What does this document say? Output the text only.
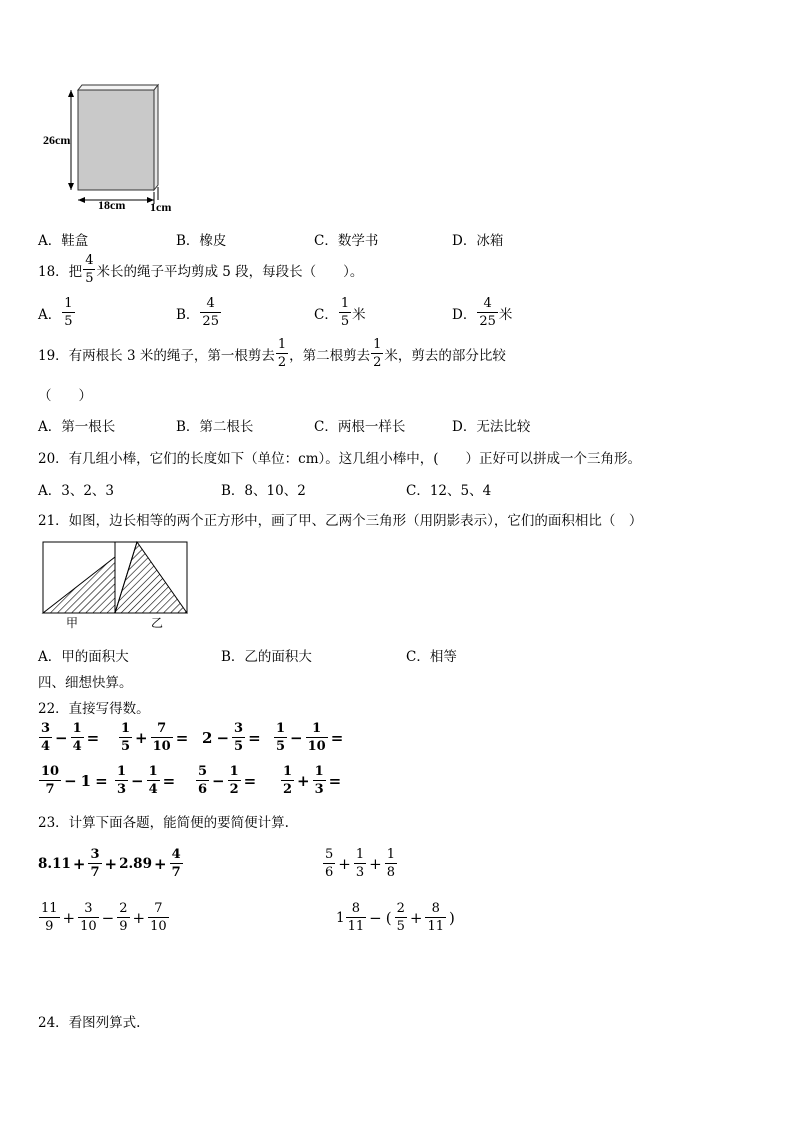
26cm
18cm 1cm
A．鞋盒	B．橡皮	C．数学书	D．冰箱
18．把 $\frac{4}{5}$ 米长的绳子平均剪成 5 段，每段长（　　）。
A． $\frac{1}{5}$	B． $\frac{4}{25}$	C． $\frac{1}{5}$ 米	D． $\frac{4}{25}$ 米
19．有两根长 3 米的绳子，第一根剪去 $\frac{1}{2}$ ，第二根剪去 $\frac{1}{2}$ 米，剪去的部分比较
（　　）
A．第一根长	B．第二根长	C．两根一样长	D．无法比较
20．有几组小棒，它们的长度如下（单位：cm）。这几组小棒中，(　　）正好可以拼成一个三角形。
A．3、2、3	B．8、10、2	C．12、5、4
21．如图，边长相等的两个正方形中，画了甲、乙两个三角形（用阴影表示），它们的面积相比（　）
甲	乙
A．甲的面积大	B．乙的面积大	C．相等
四、细想快算。
22．直接写得数。
$\frac{3}{4} - \frac{1}{4} = \frac{1}{5} + \frac{7}{10} = 2 - \frac{3}{5} = \frac{1}{5} - \frac{1}{10}$ =
$\frac{10}{7} - 1 = \frac{1}{3} - \frac{1}{4} = \frac{5}{6} - \frac{1}{2} = \frac{1}{2} + \frac{1}{3}$ =
23．计算下面各题，能简便的要简便计算.
$8.11 + \frac{3}{7} + 2.89 + \frac{4}{7}$	$\frac{5}{6} + \frac{1}{3} + \frac{1}{8}$
$\frac{11}{9} + \frac{3}{10} - \frac{2}{9} + \frac{7}{10}$	$1 \frac{8}{11}$ − ( $\frac{2}{5} + \frac{8}{11}$ )
24．看图列算式.
